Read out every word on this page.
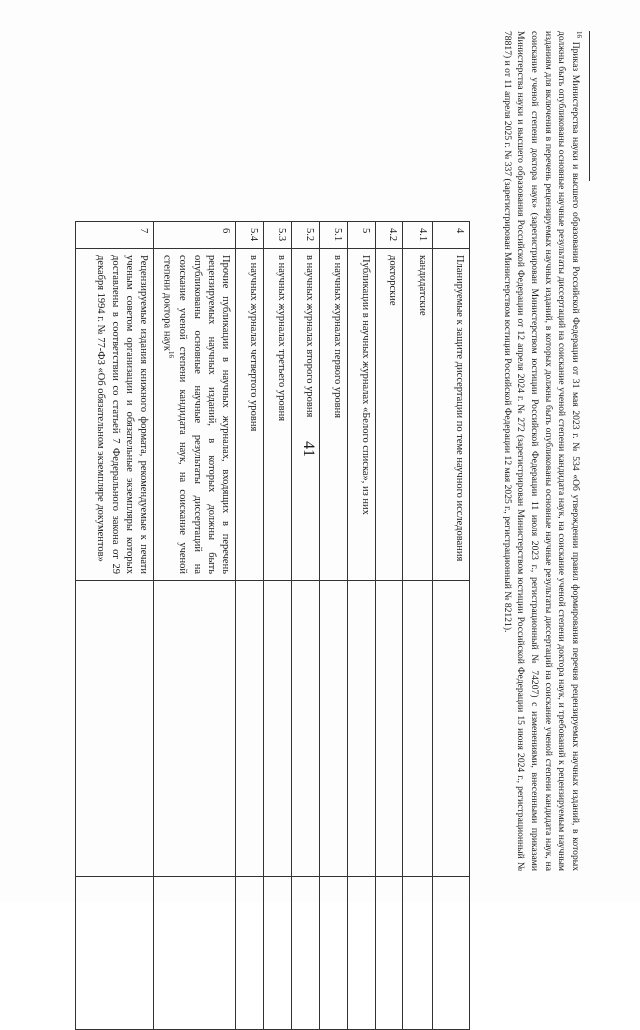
41
4	Планируемые к защите диссертации по теме научного исследования		
4.1	кандидатские		
4.2	докторские		
5	Публикации в научных журналах «Белого списка», из них		
5.1	в научных журналах первого уровня		
5.2	в научных журналах второго уровня		
5.3	в научных журналах третьего уровня		
5.4	в научных журналах четвертого уровня		
6	Прочие публикации в научных журналах, входящих в перечень рецензируемых научных изданий, в которых должны быть опубликованы основные научные результаты диссертаций на соискание ученой степени кандидата наук, на соискание ученой степени доктора наук$^{16}$		
7	Рецензируемые издания книжного формата, рекомендуемые к печати ученым советом организации и обязательные экземпляры которых доставлены в соответствии со статьей 7 Федерального закона от 29 декабря 1994 г. № 77-ФЗ «Об обязательном экземпляре документов»		
$^{16}$ Приказ Министерства науки и высшего образования Российской Федерации от 31 мая 2023 г. № 534 «Об утверждении правил формирования перечня рецензируемых научных изданий, в которых должны быть опубликованы основные научные результаты диссертаций на соискание ученой степени кандидата наук, на соискание ученой степени доктора наук, и требований к рецензируемым научным изданиям для включения в перечень рецензируемых научных изданий, в которых должны быть опубликованы основные научные результаты диссертаций на соискание ученой степени кандидата наук, на соискание ученой степени доктора наук» (зарегистрирован Министерством юстиции Российской Федерации 11 июля 2023 г., регистрационный № 74207) с изменениями, внесенными приказами Министерства науки и высшего образования Российской Федерации от 12 апреля 2024 г. № 272 (зарегистрирован Министерством юстиции Российской Федерации 15 июня 2024 г., регистрационный № 78817) и от 11 апреля 2025 г. № 337 (зарегистрирован Министерством юстиции Российской Федерации 12 мая 2025 г., регистрационный № 82121).
